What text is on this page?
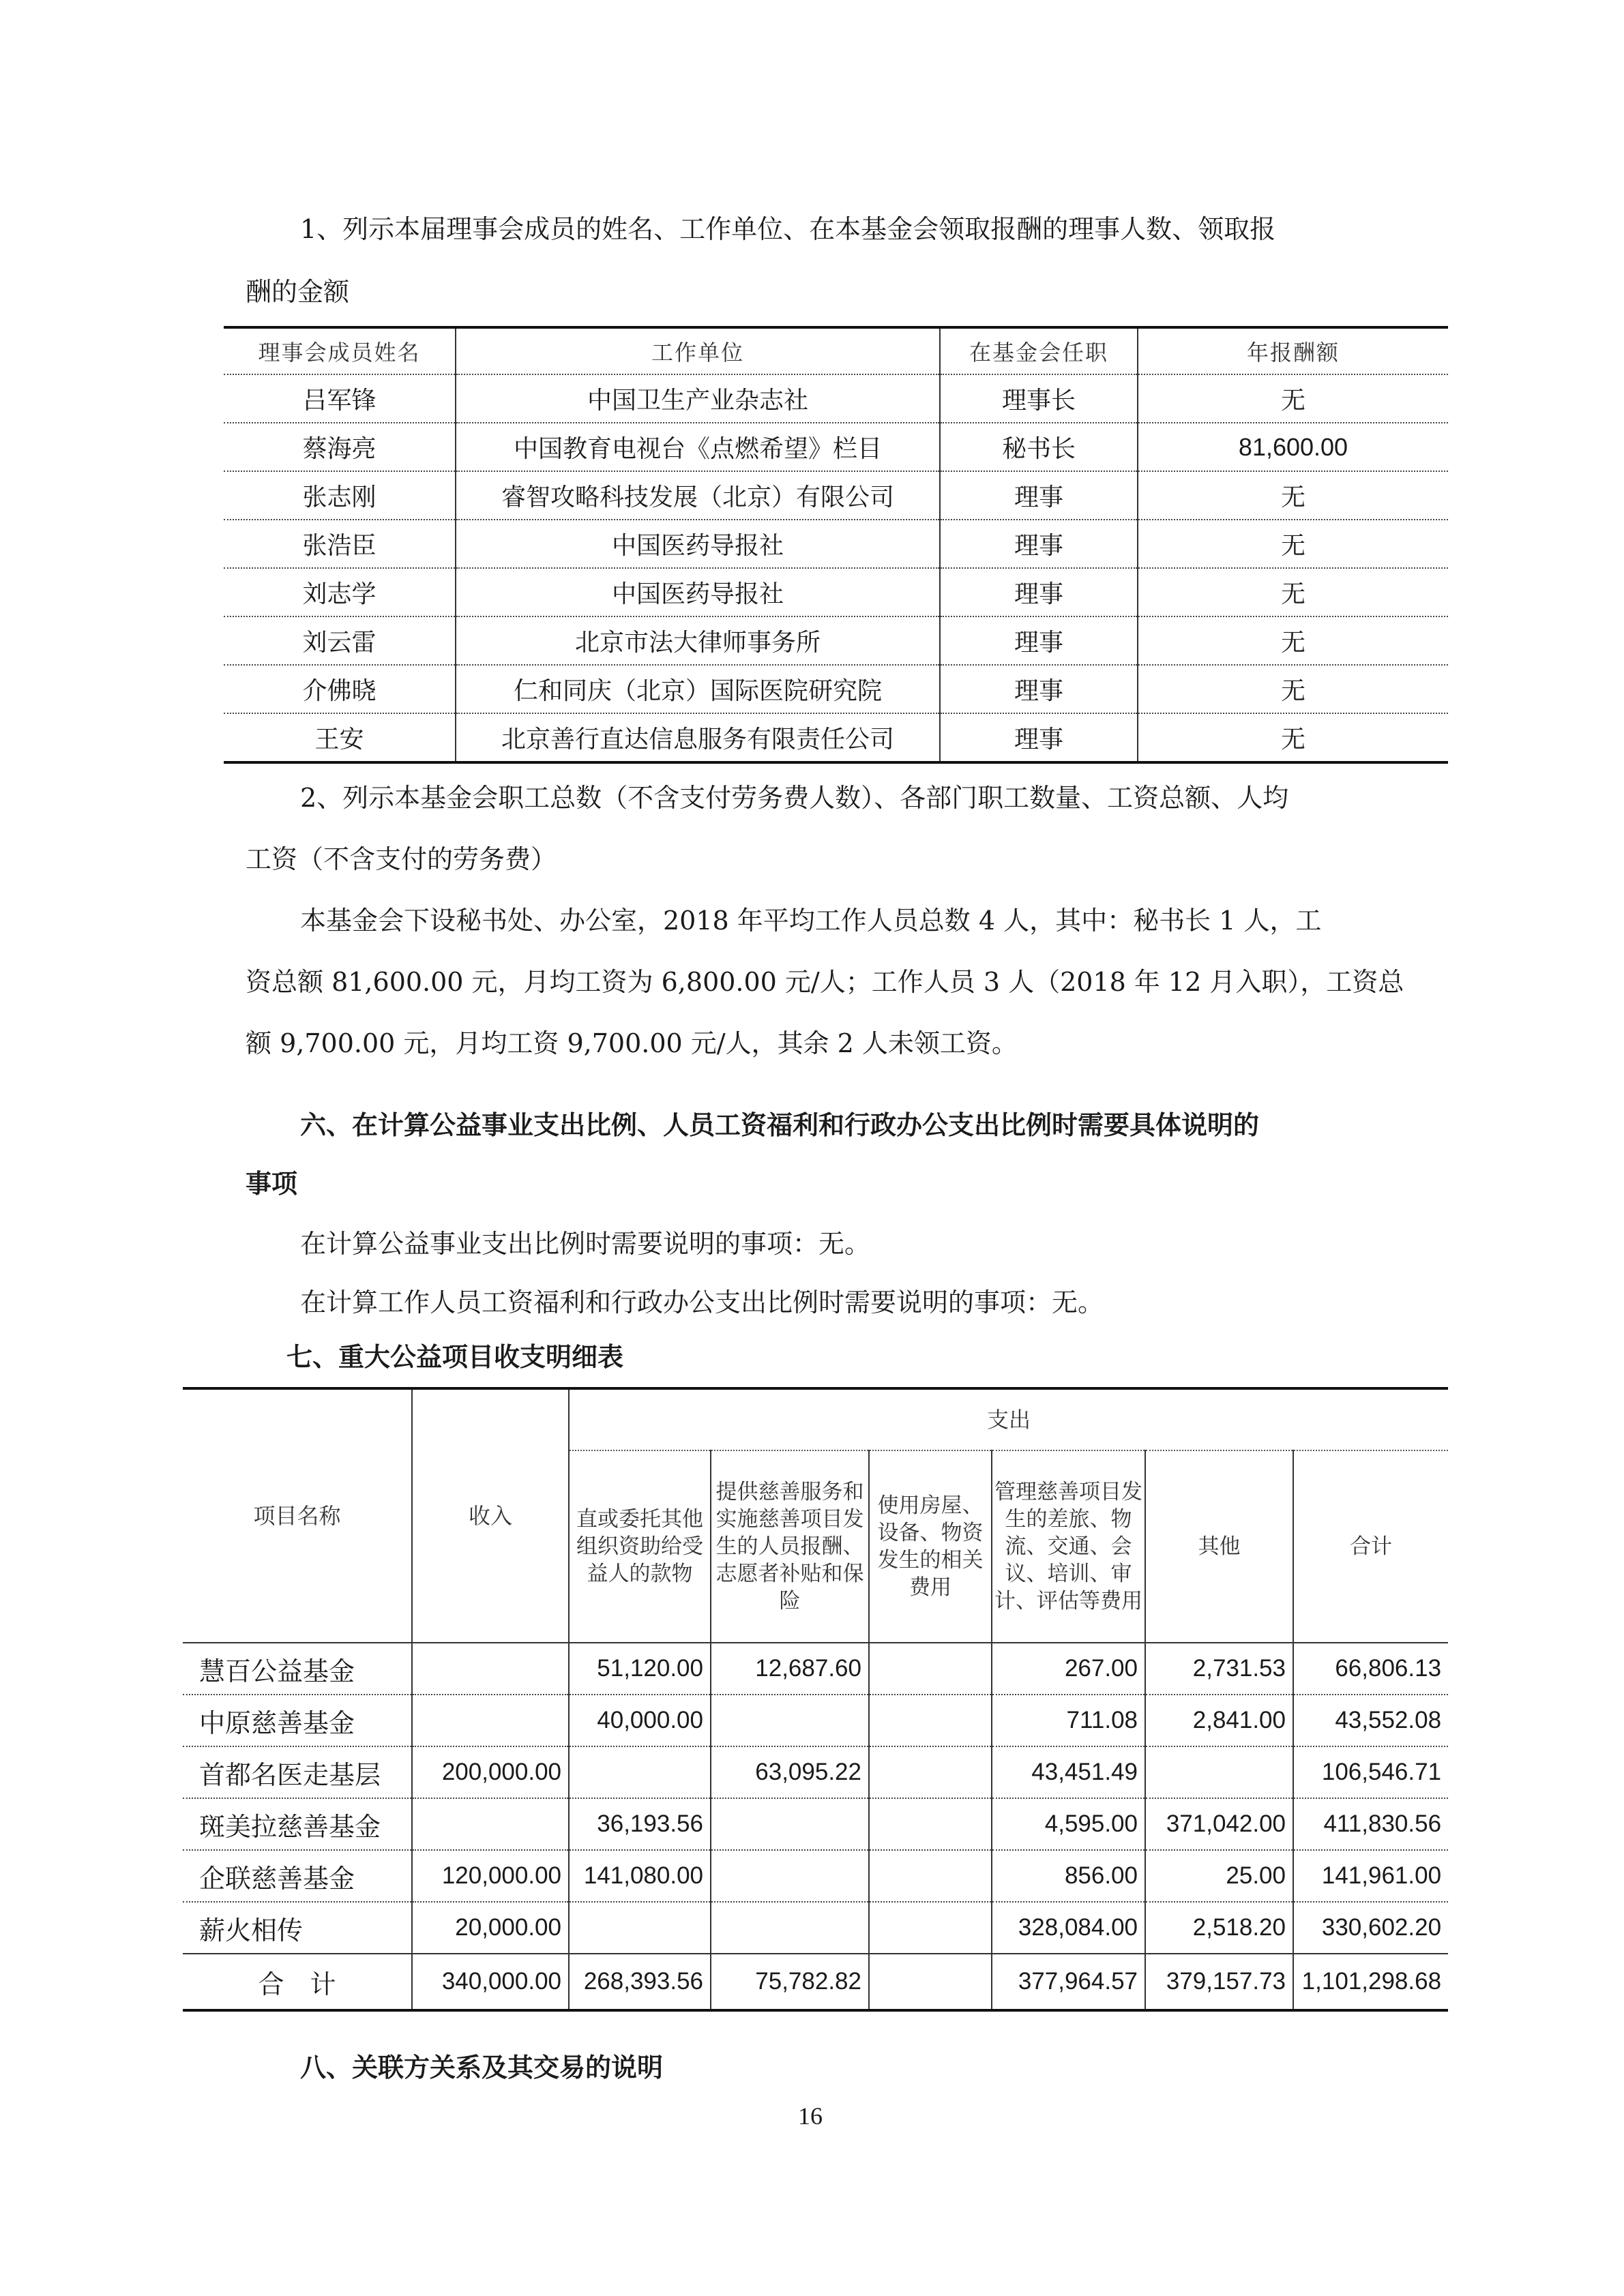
1、列示本届理事会成员的姓名、工作单位、在本基金会领取报酬的理事人数、领取报
酬的金额
理事会成员姓名	工作单位	在基金会任职	年报酬额
吕军锋	中国卫生产业杂志社	理事长	无
蔡海亮	中国教育电视台《点燃希望》栏目	秘书长	81,600.00
张志刚	睿智攻略科技发展（北京）有限公司	理事	无
张浩臣	中国医药导报社	理事	无
刘志学	中国医药导报社	理事	无
刘云雷	北京市法大律师事务所	理事	无
介佛晓	仁和同庆（北京）国际医院研究院	理事	无
王安	北京善行直达信息服务有限责任公司	理事	无
2、列示本基金会职工总数（不含支付劳务费人数）、各部门职工数量、工资总额、人均
工资（不含支付的劳务费）
本基金会下设秘书处、办公室，2018 年平均工作人员总数 4 人，其中：秘书长 1 人，工
资总额 81,600.00 元，月均工资为 6,800.00 元/人；工作人员 3 人（2018 年 12 月入职），工资总
额 9,700.00 元，月均工资 9,700.00 元/人，其余 2 人未领工资。
六、在计算公益事业支出比例、人员工资福利和行政办公支出比例时需要具体说明的
事项
在计算公益事业支出比例时需要说明的事项：无。
在计算工作人员工资福利和行政办公支出比例时需要说明的事项：无。
七、重大公益项目收支明细表
项目名称	收入	支出					
		直或委托其他组织资助给受益人的款物	提供慈善服务和实施慈善项目发生的人员报酬、志愿者补贴和保险	使用房屋、设备、物资发生的相关费用	管理慈善项目发生的差旅、物流、交通、会议、培训、审计、评估等费用	其他	合计
慧百公益基金		51,120.00	12,687.60		267.00	2,731.53	66,806.13
中原慈善基金		40,000.00			711.08	2,841.00	43,552.08
首都名医走基层	200,000.00		63,095.22		43,451.49		106,546.71
斑美拉慈善基金		36,193.56			4,595.00	371,042.00	411,830.56
企联慈善基金	120,000.00	141,080.00			856.00	25.00	141,961.00
薪火相传	20,000.00				328,084.00	2,518.20	330,602.20
合　计	340,000.00	268,393.56	75,782.82		377,964.57	379,157.73	1,101,298.68
八、关联方关系及其交易的说明
16
